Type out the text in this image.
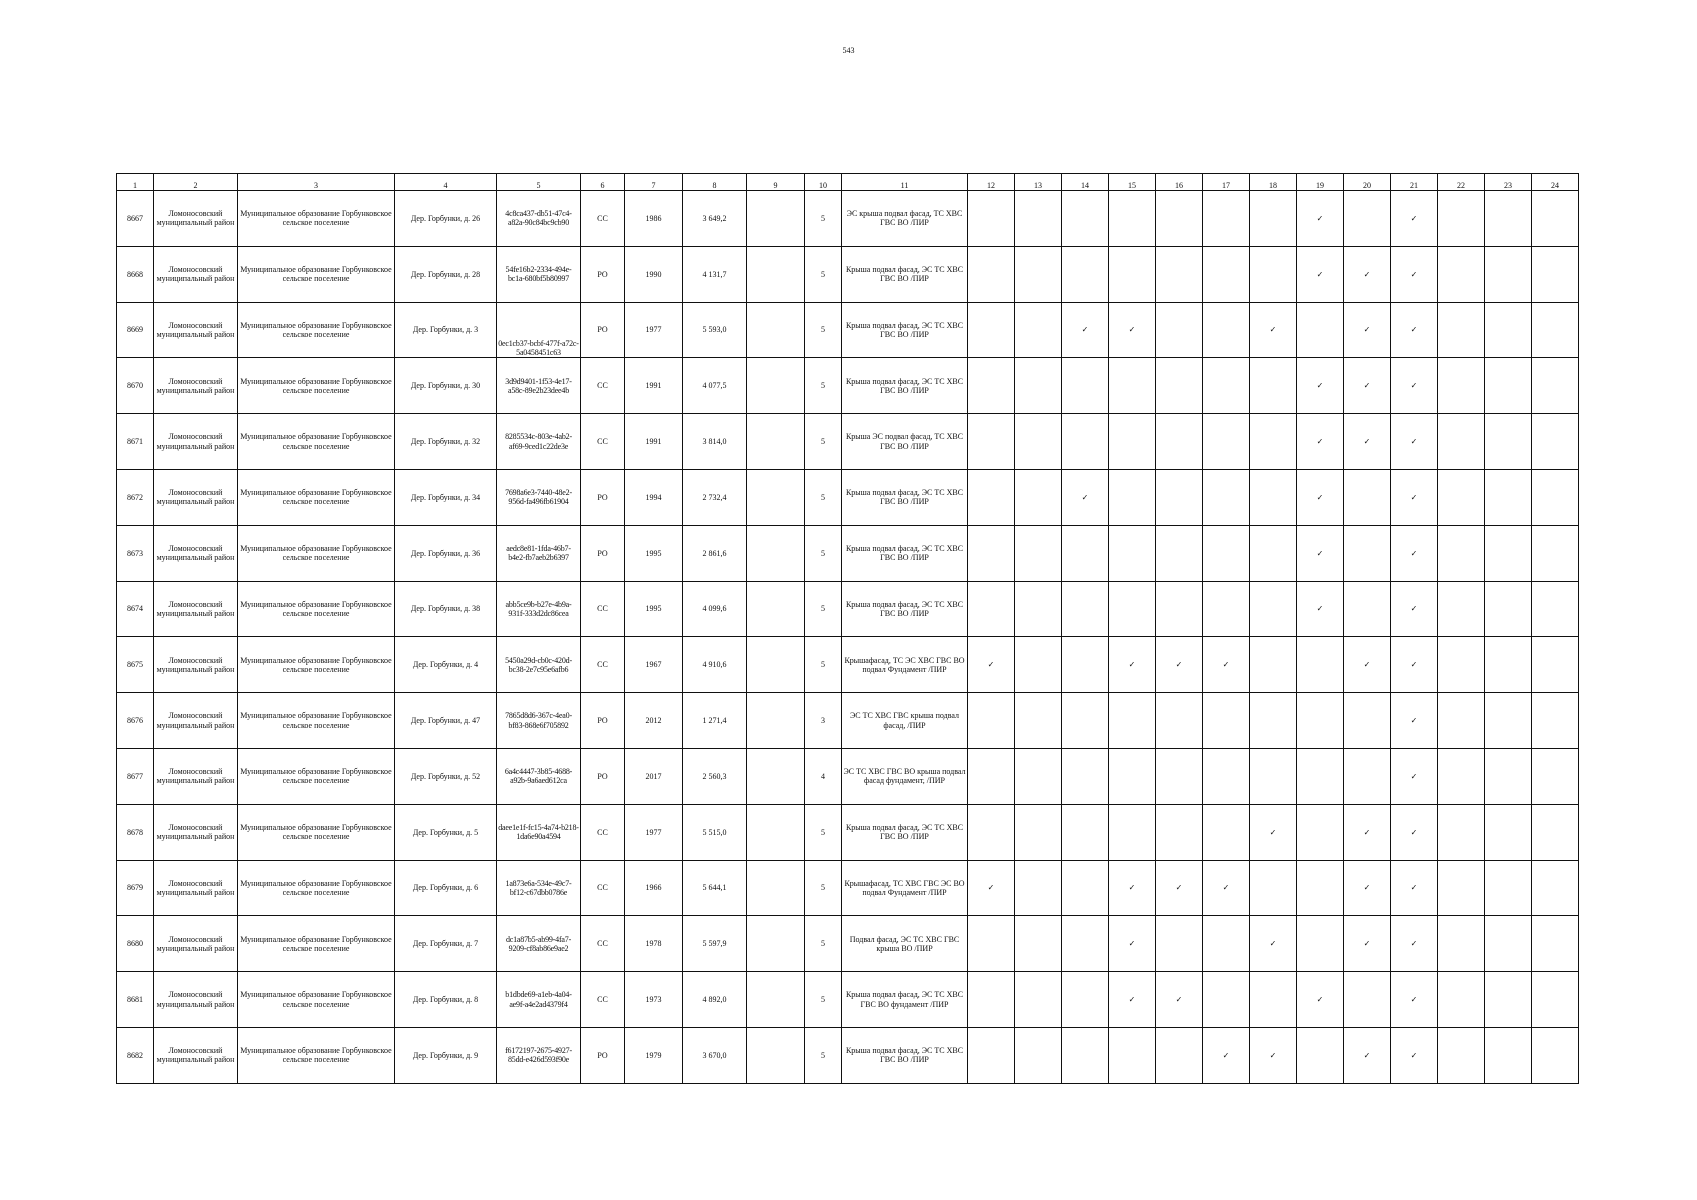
543
1	2	3	4	5	6	7	8	9	10	11	12	13	14	15	16	17	18	19	20	21	22	23	24
8667	Ломоносовский муниципальный район	Муниципальное образование Горбунковское сельское поселение	Дер. Горбунки, д. 26	4c8ca437-db51-47c4-a82a-90c84bc9cb90	СС	1986	3 649,2		5	ЭС крыша подвал фасад, ТС ХВС ГВС ВО /ПИР								✓		✓			
8668	Ломоносовский муниципальный район	Муниципальное образование Горбунковское сельское поселение	Дер. Горбунки, д. 28	54fe16b2-2334-494e-bc1a-680bf5b80997	РО	1990	4 131,7		5	Крыша подвал фасад, ЭС ТС ХВС ГВС ВО /ПИР								✓	✓	✓			
8669	Ломоносовский муниципальный район	Муниципальное образование Горбунковское сельское поселение	Дер. Горбунки, д. 3	0ec1cb37-bcbf-477f-a72c-5a0458451c63	РО	1977	5 593,0		5	Крыша подвал фасад, ЭС ТС ХВС ГВС ВО /ПИР			✓	✓			✓		✓	✓			
8670	Ломоносовский муниципальный район	Муниципальное образование Горбунковское сельское поселение	Дер. Горбунки, д. 30	3d9d9401-1f53-4e17-a58c-89e2b23dee4b	СС	1991	4 077,5		5	Крыша подвал фасад, ЭС ТС ХВС ГВС ВО /ПИР								✓	✓	✓			
8671	Ломоносовский муниципальный район	Муниципальное образование Горбунковское сельское поселение	Дер. Горбунки, д. 32	8285534c-803e-4ab2-af69-9ced1c22de3e	СС	1991	3 814,0		5	Крыша ЭС подвал фасад, ТС ХВС ГВС ВО /ПИР								✓	✓	✓			
8672	Ломоносовский муниципальный район	Муниципальное образование Горбунковское сельское поселение	Дер. Горбунки, д. 34	7698a6e3-7440-48e2-956d-fa496fb61904	РО	1994	2 732,4		5	Крыша подвал фасад, ЭС ТС ХВС ГВС ВО /ПИР			✓					✓		✓			
8673	Ломоносовский муниципальный район	Муниципальное образование Горбунковское сельское поселение	Дер. Горбунки, д. 36	aedc8e81-1fda-46b7-b4e2-fb7aeb2b6397	РО	1995	2 861,6		5	Крыша подвал фасад, ЭС ТС ХВС ГВС ВО /ПИР								✓		✓			
8674	Ломоносовский муниципальный район	Муниципальное образование Горбунковское сельское поселение	Дер. Горбунки, д. 38	abb5ce9b-b27e-4b9a-931f-333d2dc86cea	СС	1995	4 099,6		5	Крыша подвал фасад, ЭС ТС ХВС ГВС ВО /ПИР								✓		✓			
8675	Ломоносовский муниципальный район	Муниципальное образование Горбунковское сельское поселение	Дер. Горбунки, д. 4	5450a29d-cb0c-420d-bc38-2e7c95e6afb6	СС	1967	4 910,6		5	Крышафасад, ТС ЭС ХВС ГВС ВО подвал Фундамент /ПИР	✓			✓	✓	✓			✓	✓			
8676	Ломоносовский муниципальный район	Муниципальное образование Горбунковское сельское поселение	Дер. Горбунки, д. 47	7865d8d6-367c-4ea0-bf83-868e6f705892	РО	2012	1 271,4		3	ЭС ТС ХВС ГВС крыша подвал фасад, /ПИР										✓			
8677	Ломоносовский муниципальный район	Муниципальное образование Горбунковское сельское поселение	Дер. Горбунки, д. 52	6a4c4447-3b85-4688-a92b-9a6aed612ca	РО	2017	2 560,3		4	ЭС ТС ХВС ГВС ВО крыша подвал фасад фундамент, /ПИР										✓			
8678	Ломоносовский муниципальный район	Муниципальное образование Горбунковское сельское поселение	Дер. Горбунки, д. 5	daee1e1f-fc15-4a74-b218-1da6e90a4594	СС	1977	5 515,0		5	Крыша подвал фасад, ЭС ТС ХВС ГВС ВО /ПИР							✓		✓	✓			
8679	Ломоносовский муниципальный район	Муниципальное образование Горбунковское сельское поселение	Дер. Горбунки, д. 6	1a873e6a-534e-49c7-bf12-c67dbb0786e	СС	1966	5 644,1		5	Крышафасад, ТС ХВС ГВС ЭС ВО подвал Фундамент /ПИР	✓			✓	✓	✓			✓	✓			
8680	Ломоносовский муниципальный район	Муниципальное образование Горбунковское сельское поселение	Дер. Горбунки, д. 7	dc1a87b5-ab99-4fa7-9209-cf8ab86e9ae2	СС	1978	5 597,9		5	Подвал фасад, ЭС ТС ХВС ГВС крыша ВО /ПИР				✓			✓		✓	✓			
8681	Ломоносовский муниципальный район	Муниципальное образование Горбунковское сельское поселение	Дер. Горбунки, д. 8	b1dbde69-a1eb-4a04-ae9f-a4e2ad4379f4	СС	1973	4 892,0		5	Крыша подвал фасад, ЭС ТС ХВС ГВС ВО фундамент /ПИР				✓	✓			✓		✓			
8682	Ломоносовский муниципальный район	Муниципальное образование Горбунковское сельское поселение	Дер. Горбунки, д. 9	f6172197-2675-4927-85dd-e426d593f90e	РО	1979	3 670,0		5	Крыша подвал фасад, ЭС ТС ХВС ГВС ВО /ПИР						✓	✓		✓	✓			
